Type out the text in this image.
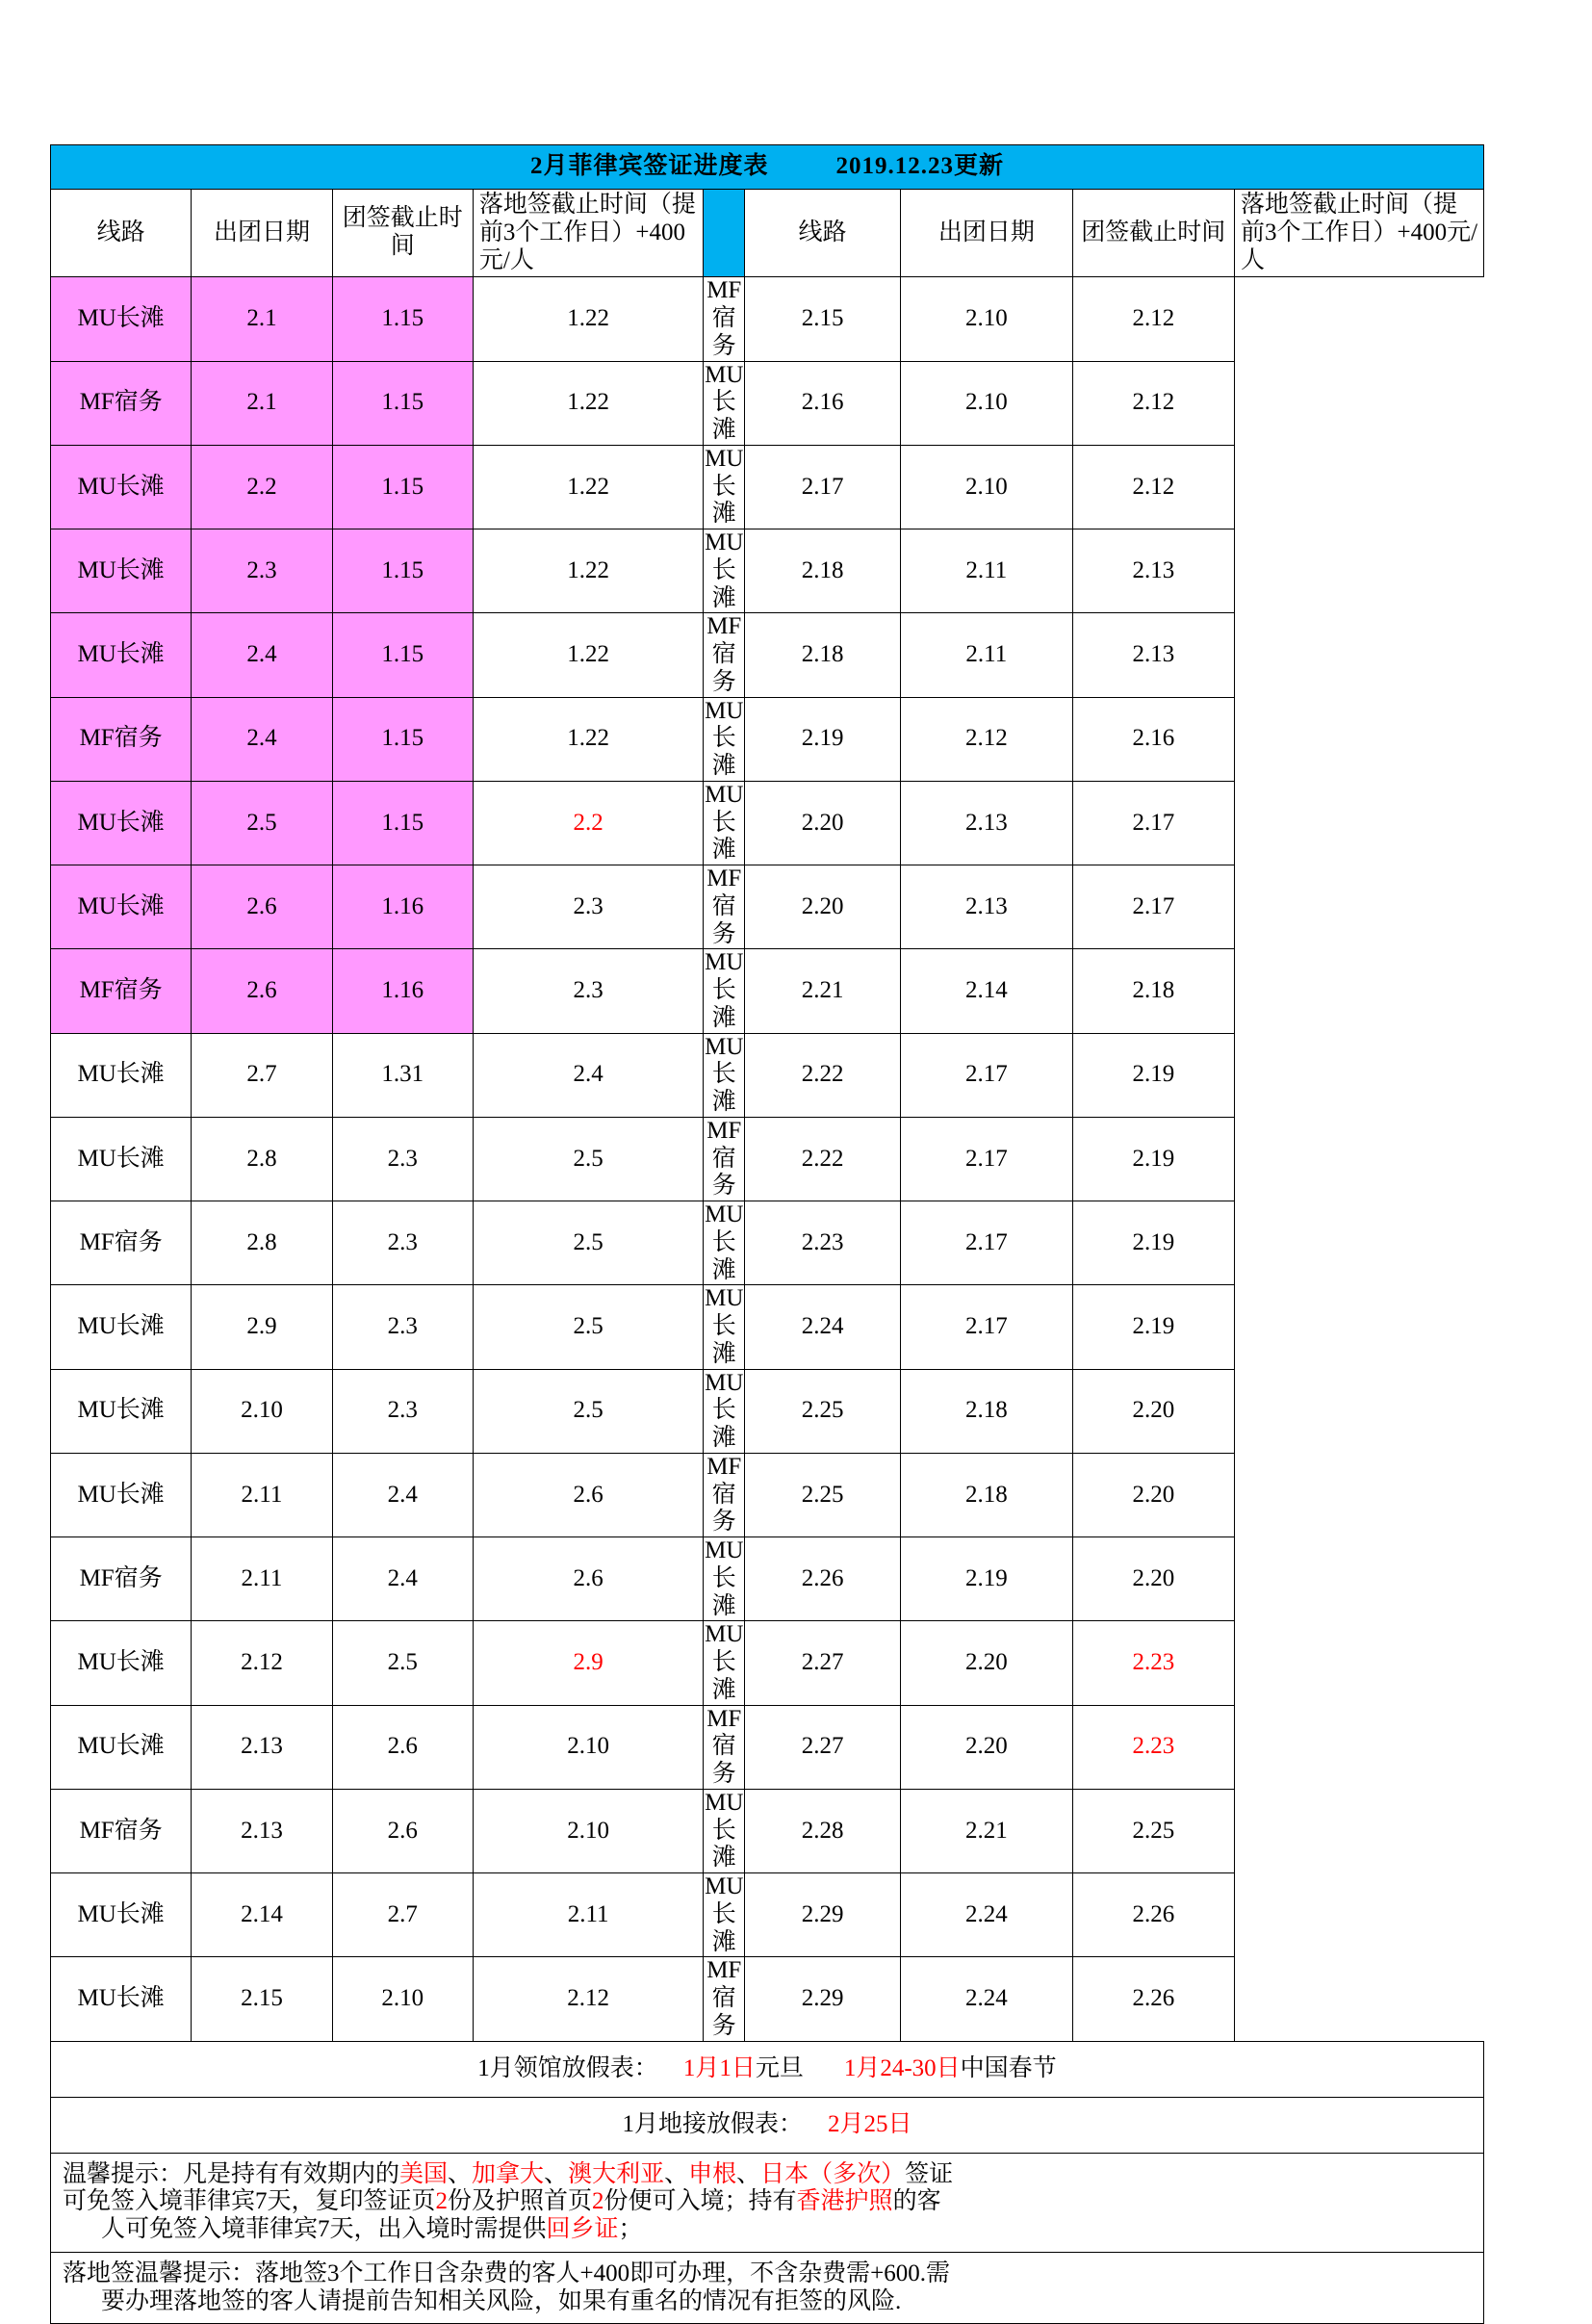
2月菲律宾签证进度表 2019.12.23更新								

线路	出团日期	团签截止时间	落地签截止时间（提前3个工作日）+400元/人		线路	出团日期	团签截止时间	落地签截止时间（提前3个工作日）+400元/人
MU长滩	2.1	1.15	1.22	MF宿务	2.15	2.10	2.12	
MF宿务	2.1	1.15	1.22	MU长滩	2.16	2.10	2.12	
MU长滩	2.2	1.15	1.22	MU长滩	2.17	2.10	2.12	
MU长滩	2.3	1.15	1.22	MU长滩	2.18	2.11	2.13	
MU长滩	2.4	1.15	1.22	MF宿务	2.18	2.11	2.13	
MF宿务	2.4	1.15	1.22	MU长滩	2.19	2.12	2.16	
MU长滩	2.5	1.15	2.2	MU长滩	2.20	2.13	2.17	
MU长滩	2.6	1.16	2.3	MF宿务	2.20	2.13	2.17	
MF宿务	2.6	1.16	2.3	MU长滩	2.21	2.14	2.18	
MU长滩	2.7	1.31	2.4	MU长滩	2.22	2.17	2.19	
MU长滩	2.8	2.3	2.5	MF宿务	2.22	2.17	2.19	
MF宿务	2.8	2.3	2.5	MU长滩	2.23	2.17	2.19	
MU长滩	2.9	2.3	2.5	MU长滩	2.24	2.17	2.19	
MU长滩	2.10	2.3	2.5	MU长滩	2.25	2.18	2.20	
MU长滩	2.11	2.4	2.6	MF宿务	2.25	2.18	2.20	
MF宿务	2.11	2.4	2.6	MU长滩	2.26	2.19	2.20	
MU长滩	2.12	2.5	2.9	MU长滩	2.27	2.20	2.23	
MU长滩	2.13	2.6	2.10	MF宿务	2.27	2.20	2.23	
MF宿务	2.13	2.6	2.10	MU长滩	2.28	2.21	2.25	
MU长滩	2.14	2.7	2.11	MU长滩	2.29	2.24	2.26	
MU长滩	2.15	2.10	2.12	MF宿务	2.29	2.24	2.26	
1月领馆放假表： 1月1日元旦 1月24-30日中国春节								
1月地接放假表： 2月25日								

温馨提示：凡是持有有效期内的美国、加拿大、澳大利亚、申根、日本（多次）签证

可免签入境菲律宾7天，复印签证页2份及护照首页2份便可入境；持有香港护照的客

人可免签入境菲律宾7天，出入境时需提供回乡证；								

落地签温馨提示：落地签3个工作日含杂费的客人+400即可办理，不含杂费需+600.需

要办理落地签的客人请提前告知相关风险，如果有重名的情况有拒签的风险.								
